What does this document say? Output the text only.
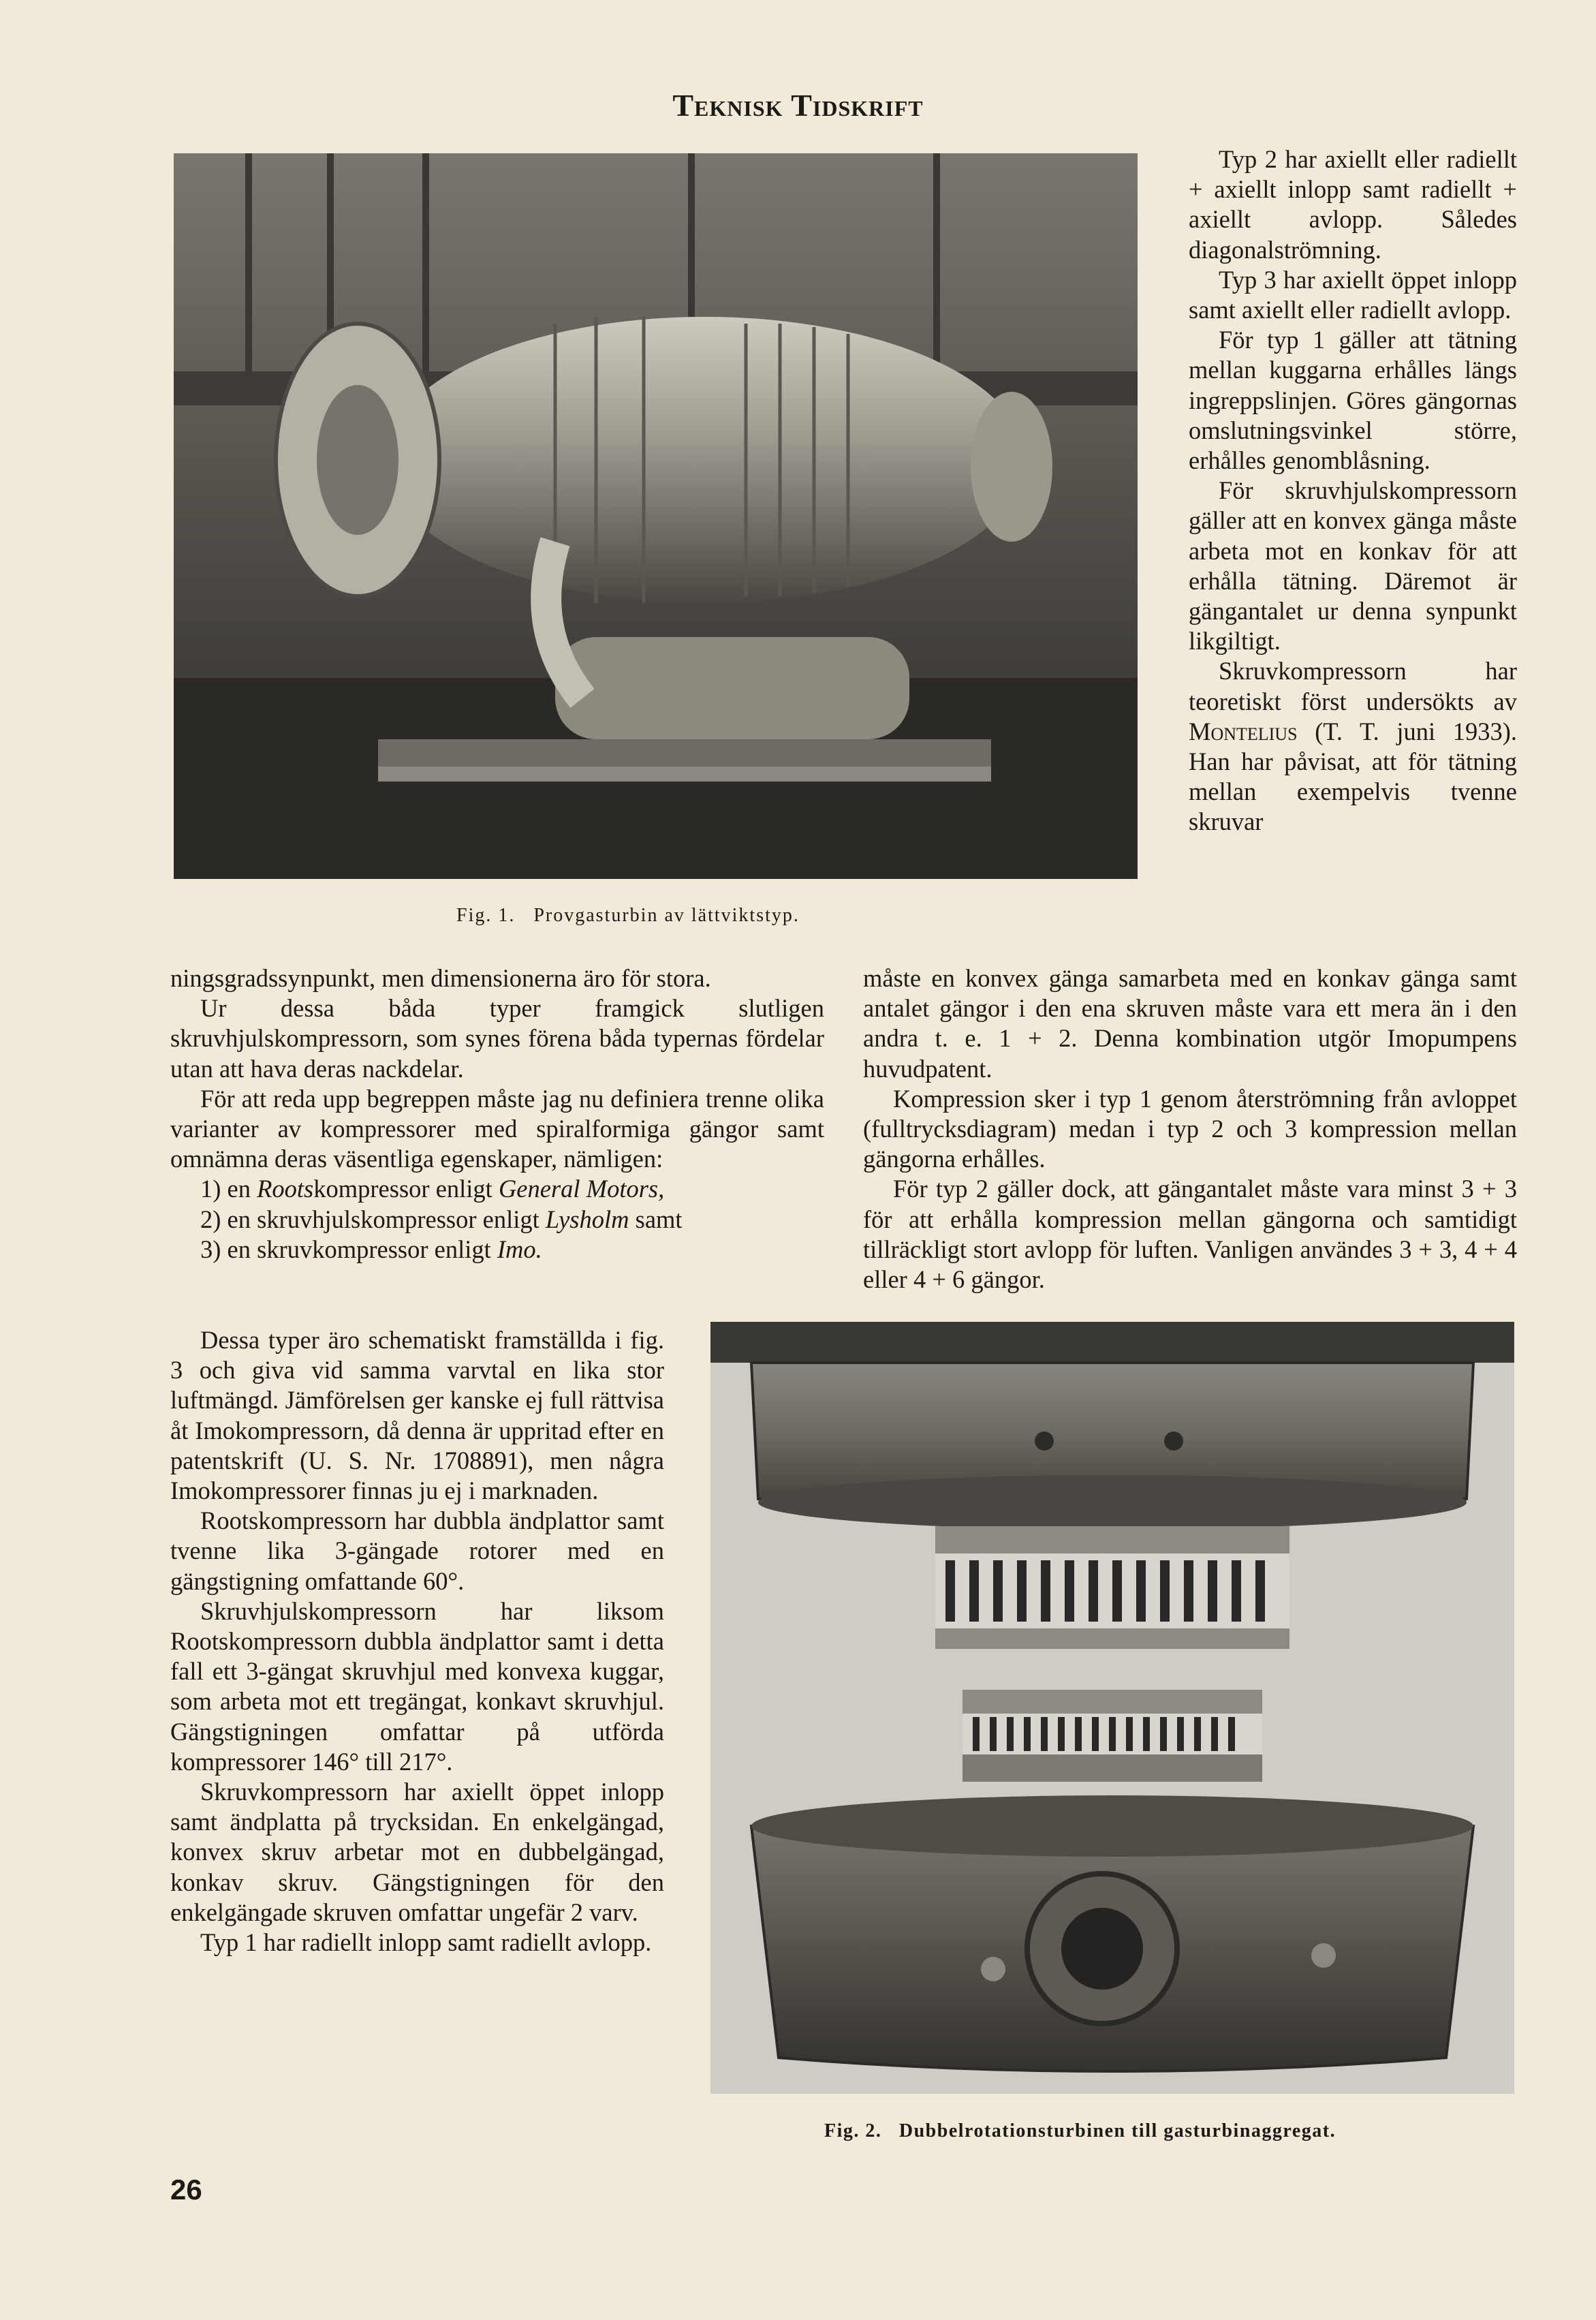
Teknisk Tidskrift
Fig. 1. Provgasturbin av lättviktstyp.

Typ 2 har axiellt eller radiellt + axiellt inlopp samt radiellt + axiellt avlopp. Således diagonalströmning.

Typ 3 har axiellt öppet inlopp samt axiellt eller radiellt avlopp.

För typ 1 gäller att tätning mellan kuggarna erhålles längs ingreppslinjen. Göres gängornas omslutningsvinkel större, erhålles genomblåsning.

För skruvhjulskompressorn gäller att en konvex gänga måste arbeta mot en konkav för att erhålla tätning. Däremot är gängantalet ur denna synpunkt likgiltigt.

Skruvkompressorn har teoretiskt först undersökts av Montelius (T. T. juni 1933). Han har påvisat, att för tätning mellan exempelvis tvenne skruvar

måste en konvex gänga samarbeta med en konkav gänga samt antalet gängor i den ena skruven måste vara ett mera än i den andra t. e. 1 + 2. Denna kombination utgör Imopumpens huvudpatent.

Kompression sker i typ 1 genom återströmning från avloppet (fulltrycksdiagram) medan i typ 2 och 3 kompression mellan gängorna erhålles.

För typ 2 gäller dock, att gängantalet måste vara minst 3 + 3 för att erhålla kompression mellan gängorna och samtidigt tillräckligt stort avlopp för luften. Vanligen användes 3 + 3, 4 + 4 eller 4 + 6 gängor.

ningsgradssynpunkt, men dimensionerna äro för stora.

Ur dessa båda typer framgick slutligen skruvhjulskompressorn, som synes förena båda typernas fördelar utan att hava deras nackdelar.

För att reda upp begreppen måste jag nu definiera trenne olika varianter av kompressorer med spiralformiga gängor samt omnämna deras väsentliga egenskaper, nämligen:

1) en Rootskompressor enligt General Motors,

2) en skruvhjulskompressor enligt Lysholm samt

3) en skruvkompressor enligt Imo.

Dessa typer äro schematiskt framställda i fig. 3 och giva vid samma varvtal en lika stor luftmängd. Jämförelsen ger kanske ej full rättvisa åt Imokompressorn, då denna är uppritad efter en patentskrift (U. S. Nr. 1708891), men några Imokompressorer finnas ju ej i marknaden.

Rootskompressorn har dubbla ändplattor samt tvenne lika 3-gängade rotorer med en gängstigning omfattande 60°.

Skruvhjulskompressorn har liksom Rootskompressorn dubbla ändplattor samt i detta fall ett 3-gängat skruvhjul med konvexa kuggar, som arbeta mot ett tregängat, konkavt skruvhjul. Gängstigningen omfattar på utförda kompressorer 146° till 217°.

Skruvkompressorn har axiellt öppet inlopp samt ändplatta på trycksidan. En enkelgängad, konvex skruv arbetar mot en dubbelgängad, konkav skruv. Gängstigningen för den enkelgängade skruven omfattar ungefär 2 varv.

Typ 1 har radiellt inlopp samt radiellt avlopp.

Fig. 2. Dubbelrotationsturbinen till gasturbinaggregat.
26
